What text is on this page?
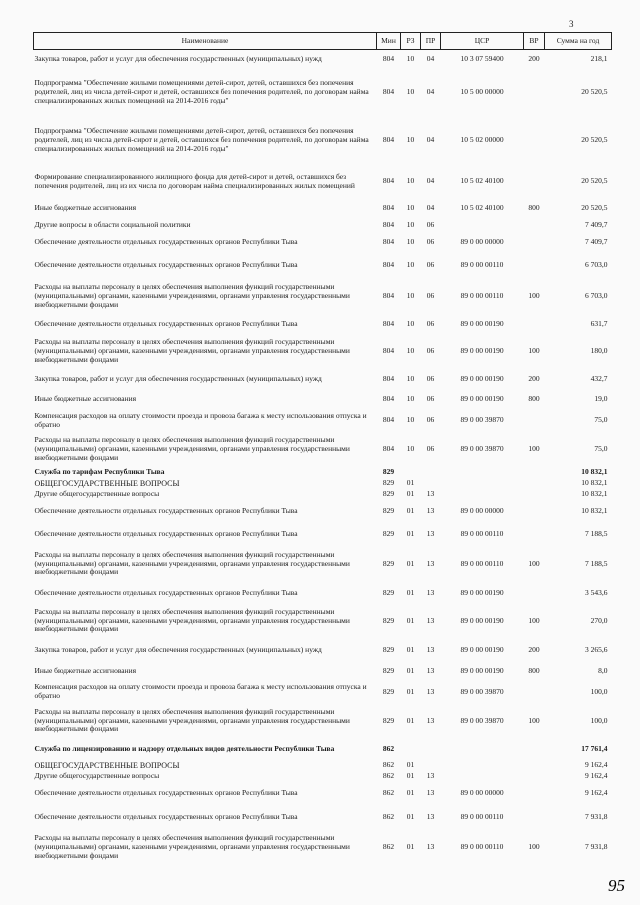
3
Наименование	Мин	РЗ	ПР	ЦСР	ВР	Сумма на год
Закупка товаров, работ и услуг для обеспечения государственных (муниципальных) нужд	804	10	04	10 3 07 59400	200	218,1
Подпрограмма "Обеспечение жилыми помещениями детей-сирот, детей, оставшихся без попечения родителей, лиц из числа детей-сирот и детей, оставшихся без попечения родителей, по договорам найма специализированных жилых помещений на 2014-2016 годы"	804	10	04	10 5 00 00000		20 520,5
Подпрограмма "Обеспечение жилыми помещениями детей-сирот, детей, оставшихся без попечения родителей, лиц из числа детей-сирот и детей, оставшихся без попечения родителей, по договорам найма специализированных жилых помещений на 2014-2016 годы"	804	10	04	10 5 02 00000		20 520,5
Формирование специализированного жилищного фонда для детей-сирот и детей, оставшихся без попечения родителей, лиц из их числа по договорам найма специализированных жилых помещений	804	10	04	10 5 02 40100		20 520,5
Иные бюджетные ассигнования	804	10	04	10 5 02 40100	800	20 520,5
Другие вопросы в области социальной политики	804	10	06			7 409,7
Обеспечение деятельности отдельных государственных органов Республики Тыва	804	10	06	89 0 00 00000		7 409,7
Обеспечение деятельности отдельных государственных органов Республики Тыва	804	10	06	89 0 00 00110		6 703,0
Расходы на выплаты персоналу в целях обеспечения выполнения функций государственными (муниципальными) органами, казенными учреждениями, органами управления государственными внебюджетными фондами	804	10	06	89 0 00 00110	100	6 703,0
Обеспечение деятельности отдельных государственных органов Республики Тыва	804	10	06	89 0 00 00190		631,7
Расходы на выплаты персоналу в целях обеспечения выполнения функций государственными (муниципальными) органами, казенными учреждениями, органами управления государственными внебюджетными фондами	804	10	06	89 0 00 00190	100	180,0
Закупка товаров, работ и услуг для обеспечения государственных (муниципальных) нужд	804	10	06	89 0 00 00190	200	432,7
Иные бюджетные ассигнования	804	10	06	89 0 00 00190	800	19,0
Компенсация расходов на оплату стоимости проезда и провоза багажа к месту использования отпуска и обратно	804	10	06	89 0 00 39870		75,0
Расходы на выплаты персоналу в целях обеспечения выполнения функций государственными (муниципальными) органами, казенными учреждениями, органами управления государственными внебюджетными фондами	804	10	06	89 0 00 39870	100	75,0
Служба по тарифам Республики Тыва	829					10 832,1
ОБЩЕГОСУДАРСТВЕННЫЕ ВОПРОСЫ	829	01				10 832,1
Другие общегосударственные вопросы	829	01	13			10 832,1
Обеспечение деятельности отдельных государственных органов Республики Тыва	829	01	13	89 0 00 00000		10 832,1
Обеспечение деятельности отдельных государственных органов Республики Тыва	829	01	13	89 0 00 00110		7 188,5
Расходы на выплаты персоналу в целях обеспечения выполнения функций государственными (муниципальными) органами, казенными учреждениями, органами управления государственными внебюджетными фондами	829	01	13	89 0 00 00110	100	7 188,5
Обеспечение деятельности отдельных государственных органов Республики Тыва	829	01	13	89 0 00 00190		3 543,6
Расходы на выплаты персоналу в целях обеспечения выполнения функций государственными (муниципальными) органами, казенными учреждениями, органами управления государственными внебюджетными фондами	829	01	13	89 0 00 00190	100	270,0
Закупка товаров, работ и услуг для обеспечения государственных (муниципальных) нужд	829	01	13	89 0 00 00190	200	3 265,6
Иные бюджетные ассигнования	829	01	13	89 0 00 00190	800	8,0
Компенсация расходов на оплату стоимости проезда и провоза багажа к месту использования отпуска и обратно	829	01	13	89 0 00 39870		100,0
Расходы на выплаты персоналу в целях обеспечения выполнения функций государственными (муниципальными) органами, казенными учреждениями, органами управления государственными внебюджетными фондами	829	01	13	89 0 00 39870	100	100,0
Служба по лицензированию и надзору отдельных видов деятельности Республики Тыва	862					17 761,4
ОБЩЕГОСУДАРСТВЕННЫЕ ВОПРОСЫ	862	01				9 162,4
Другие общегосударственные вопросы	862	01	13			9 162,4
Обеспечение деятельности отдельных государственных органов Республики Тыва	862	01	13	89 0 00 00000		9 162,4
Обеспечение деятельности отдельных государственных органов Республики Тыва	862	01	13	89 0 00 00110		7 931,8
Расходы на выплаты персоналу в целях обеспечения выполнения функций государственными (муниципальными) органами, казенными учреждениями, органами управления государственными внебюджетными фондами	862	01	13	89 0 00 00110	100	7 931,8
95
